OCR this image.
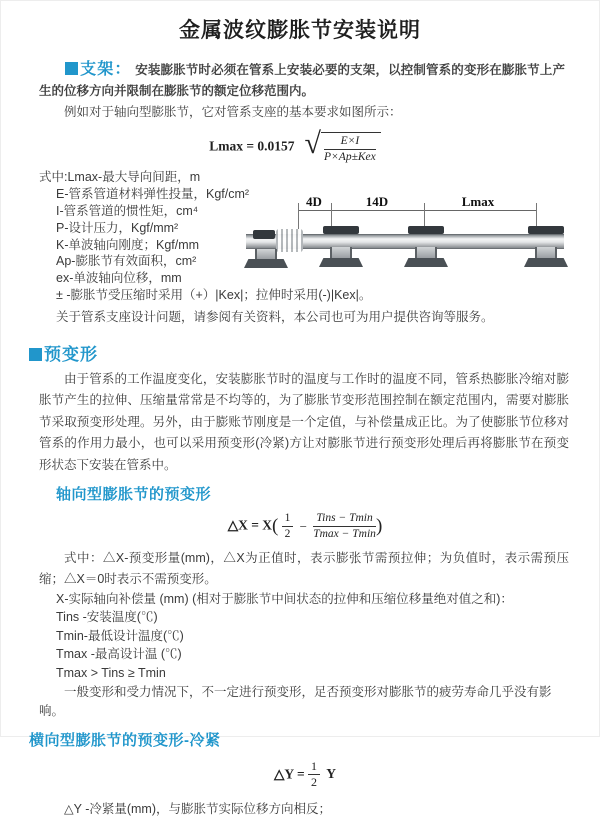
金属波纹膨胀节安装说明
支架： 安装膨胀节时必须在管系上安装必要的支架，以控制管系的变形在膨胀节上产生的位移方向并限制在膨胀节的额定位移范围内。
例如对于轴向型膨胀节，它对管系支座的基本要求如图所示：
Lmax = 0.0157 √ $\frac{E\times I}{\text{P×Ap±Kex}}$
式中:Lmax-最大导向间距，m
E-管系管道材料弹性投量，Kgf/cm²
I-管系管道的惯性矩，cm⁴
P-设计压力，Kgf/mm²
K-单波轴向刚度；Kgf/mm
Ap-膨胀节有效面积，cm²
ex-单波轴向位移，mm
± -膨胀节受压缩时采用（+）|Kex|；拉伸时采用(-)|Kex|。
关于管系支座设计问题，请参阅有关资料，本公司也可为用户提供咨询等服务。
4D	14D	Lmax
预变形
由于管系的工作温度变化，安装膨胀节时的温度与工作时的温度不同，管系热膨胀冷缩对膨胀节产生的拉伸、压缩量常常是不均等的，为了膨胀节变形范围控制在额定范围内，需要对膨胀节采取预变形处理。另外，由于膨账节刚度是一个定值，与补偿量成正比。为了使膨胀节位移对管系的作用力最小，也可以采用预变形(冷紧)方让对膨胀节进行预变形处理后再将膨胀节在预变形状态下安装在管系中。
轴向型膨胀节的预变形
△X = $X( \frac{1}{2} - \frac{\text{Tins − Tmin}}{Tmax - Tmin}$ )
式中：△X-预变形量(mm)，△X为正值时，表示膨张节需预拉伸；为负值时，表示需预压缩；△X＝0时表示不需预变形。
X-实际轴向补偿量 (mm) (相对于膨胀节中间状态的拉伸和压缩位移量绝对值之和)：
Tins -安装温度(℃)
Tmin-最低设计温度(℃)
Tmax -最高设计温 (℃)
Tmax > Tins ≥ Tmin
一般变形和受力情况下，不一定进行预变形，足否预变形对膨胀节的疲劳寿命几乎没有影响。
横向型膨胀节的预变形-冷紧
△Y = $\frac{1}{2}$ Y
△Y -冷紧量(mm)，与膨胀节实际位移方向相反；
